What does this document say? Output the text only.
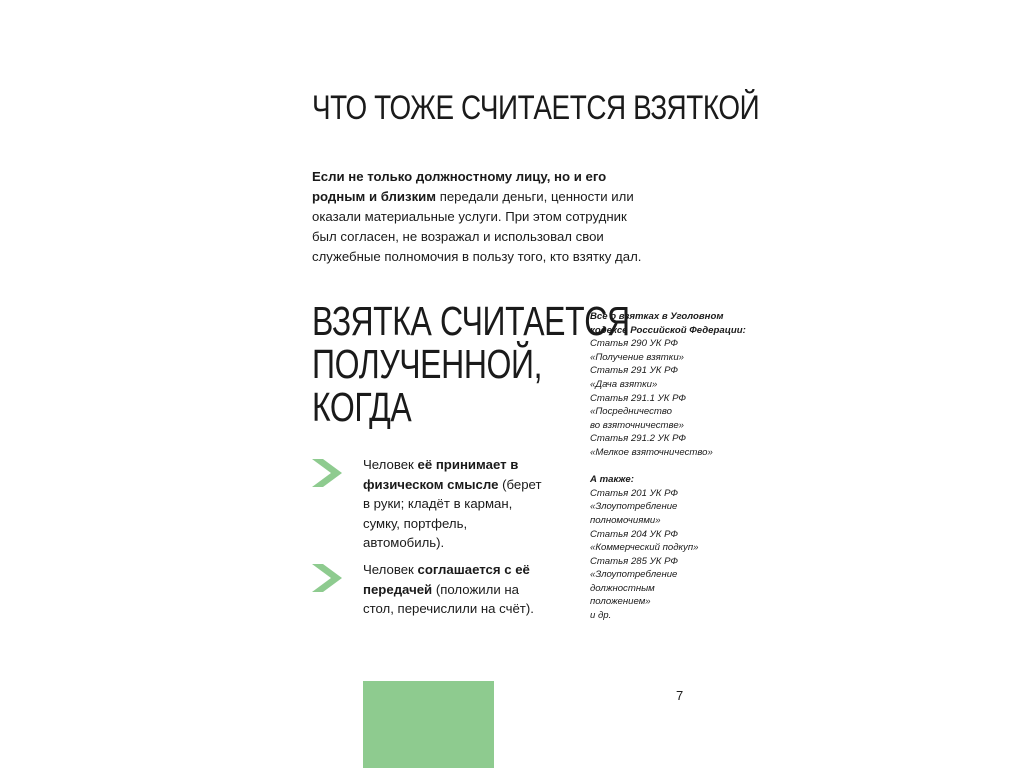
ЧТО ТОЖЕ СЧИТАЕТСЯ ВЗЯТКОЙ

Если не только должностному лицу, но и его родным и близким передали деньги, ценности или оказали материальные услуги. При этом сотрудник был согласен, не возражал и использовал свои служебные полномочия в пользу того, кто взятку дал.

ВЗЯТКА СЧИТАЕТСЯ
ПОЛУЧЕННОЙ,
КОГДА

Человек её принимает в физическом смысле (берет в руки; кладёт в карман, сумку, портфель, автомобиль).

Человек соглашается с её передачей (положили на стол, перечислили на счёт).

Все о взятках в Уголовном
кодексе Российской Федерации:
Статья 290 УК РФ
«Получение взятки»
Статья 291 УК РФ
«Дача взятки»
Статья 291.1 УК РФ
«Посредничество
во взяточничестве»
Статья 291.2 УК РФ
«Мелкое взяточничество»
А также:
Статья 201 УК РФ
«Злоупотребление
полномочиями»
Статья 204 УК РФ
«Коммерческий подкуп»
Статья 285 УК РФ
«Злоупотребление
должностным
положением»
и др.

7
